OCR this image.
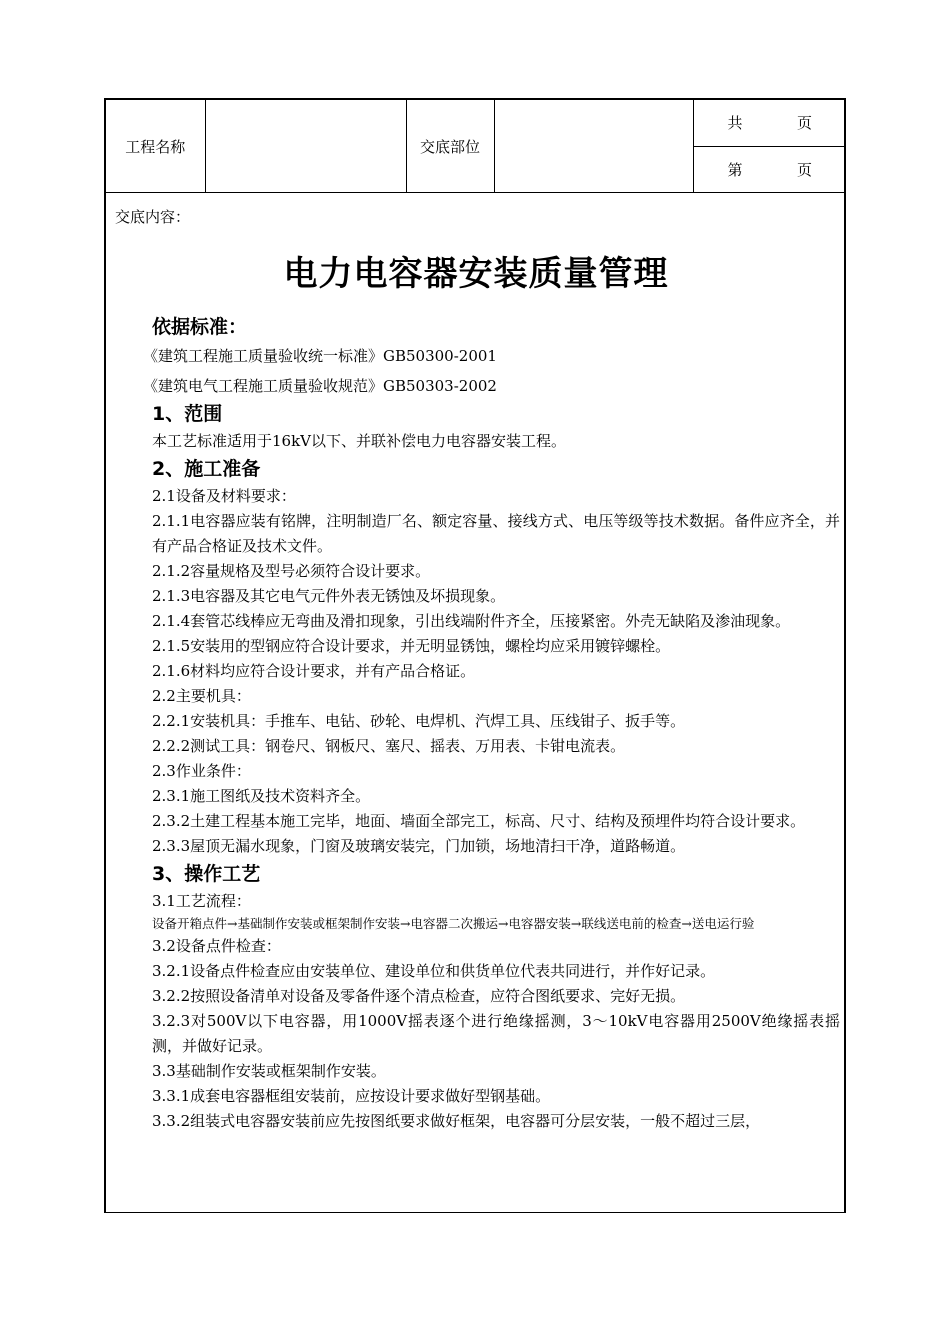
工程名称		交底部位		
共	页

第	页
交底内容：
电力电容器安装质量管理
依据标准：

《建筑工程施工质量验收统一标准》GB50300-2001

《建筑电气工程施工质量验收规范》GB50303-2002

1、范围

本工艺标准适用于16kV以下、并联补偿电力电容器安装工程。

2、施工准备

2.1设备及材料要求：

2.1.1电容器应装有铭牌，注明制造厂名、额定容量、接线方式、电压等级等技术数据。备件应齐全，并有产品合格证及技术文件。

2.1.2容量规格及型号必须符合设计要求。

2.1.3电容器及其它电气元件外表无锈蚀及坏损现象。

2.1.4套管芯线棒应无弯曲及滑扣现象，引出线端附件齐全，压接紧密。外壳无缺陷及渗油现象。

2.1.5安装用的型钢应符合设计要求，并无明显锈蚀，螺栓均应采用镀锌螺栓。

2.1.6材料均应符合设计要求，并有产品合格证。

2.2主要机具：

2.2.1安装机具：手推车、电钻、砂轮、电焊机、汽焊工具、压线钳子、扳手等。

2.2.2测试工具：钢卷尺、钢板尺、塞尺、摇表、万用表、卡钳电流表。

2.3作业条件：

2.3.1施工图纸及技术资料齐全。

2.3.2土建工程基本施工完毕，地面、墙面全部完工，标高、尺寸、结构及预埋件均符合设计要求。

2.3.3屋顶无漏水现象，门窗及玻璃安装完，门加锁，场地清扫干净，道路畅道。

3、操作工艺

3.1工艺流程：

设备开箱点件→基础制作安装或框架制作安装→电容器二次搬运→电容器安装→联线送电前的检查→送电运行验

3.2设备点件检查：

3.2.1设备点件检查应由安装单位、建设单位和供货单位代表共同进行，并作好记录。

3.2.2按照设备清单对设备及零备件逐个清点检查，应符合图纸要求、完好无损。

3.2.3对500V以下电容器，用1000V摇表逐个进行绝缘摇测，3～10kV电容器用2500V绝缘摇表摇测，并做好记录。

3.3基础制作安装或框架制作安装。

3.3.1成套电容器框组安装前，应按设计要求做好型钢基础。

3.3.2组装式电容器安装前应先按图纸要求做好框架，电容器可分层安装，一般不超过三层，
